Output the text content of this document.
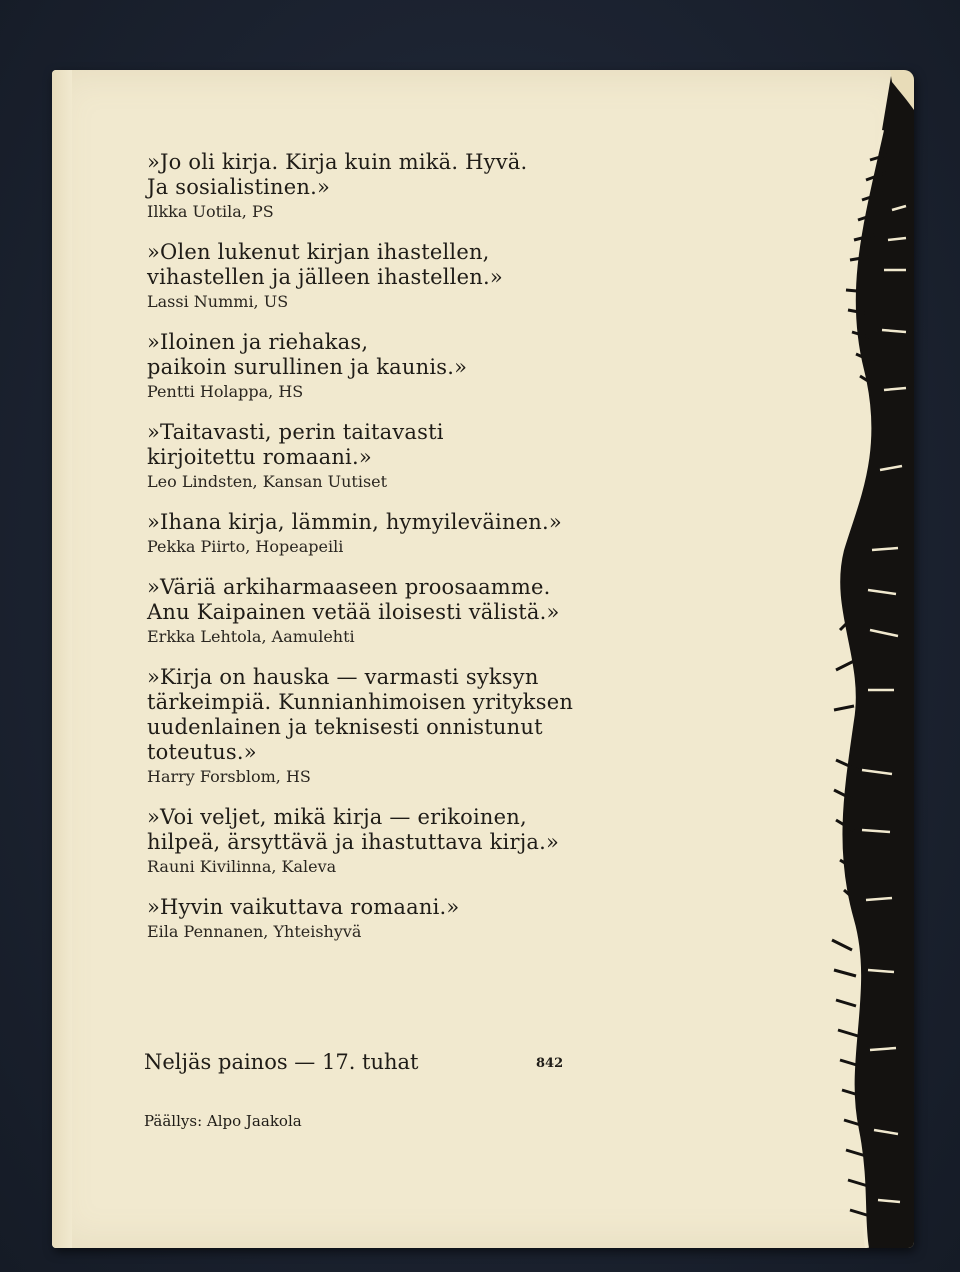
»Jo oli kirja. Kirja kuin mikä. Hyvä.
Ja sosialistinen.»
Ilkka Uotila, PS
»Olen lukenut kirjan ihastellen,
vihastellen ja jälleen ihastellen.»
Lassi Nummi, US
»Iloinen ja riehakas,
paikoin surullinen ja kaunis.»
Pentti Holappa, HS
»Taitavasti, perin taitavasti
kirjoitettu romaani.»
Leo Lindsten, Kansan Uutiset
»Ihana kirja, lämmin, hymyileväinen.»
Pekka Piirto, Hopeapeili
»Väriä arkiharmaaseen proosaamme.
Anu Kaipainen vetää iloisesti välistä.»
Erkka Lehtola, Aamulehti
»Kirja on hauska — varmasti syksyn
tärkeimpiä. Kunnianhimoisen yrityksen
uudenlainen ja teknisesti onnistunut
toteutus.»
Harry Forsblom, HS
»Voi veljet, mikä kirja — erikoinen,
hilpeä, ärsyttävä ja ihastuttava kirja.»
Rauni Kivilinna, Kaleva
»Hyvin vaikuttava romaani.»
Eila Pennanen, Yhteishyvä
Neljäs painos — 17. tuhat	842
Päällys: Alpo Jaakola
